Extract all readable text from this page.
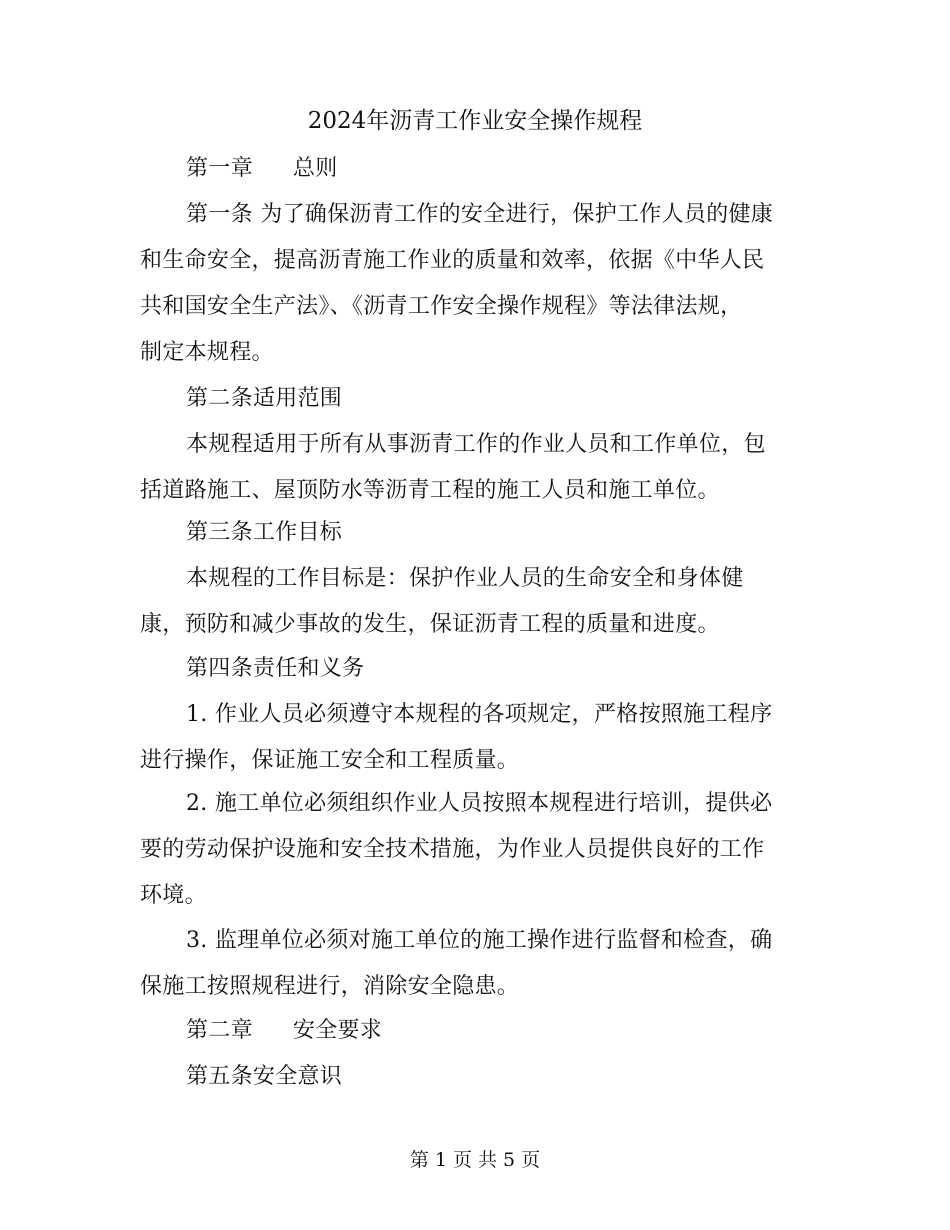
2024年沥青工作业安全操作规程
第一章 总则
第一条 为了确保沥青工作的安全进行，保护工作人员的健康
和生命安全，提高沥青施工作业的质量和效率，依据《中华人民
共和国安全生产法》、《沥青工作安全操作规程》等法律法规，
制定本规程。
第二条适用范围
本规程适用于所有从事沥青工作的作业人员和工作单位，包
括道路施工、屋顶防水等沥青工程的施工人员和施工单位。
第三条工作目标
本规程的工作目标是：保护作业人员的生命安全和身体健
康，预防和减少事故的发生，保证沥青工程的质量和进度。
第四条责任和义务
1. 作业人员必须遵守本规程的各项规定，严格按照施工程序
进行操作，保证施工安全和工程质量。
2. 施工单位必须组织作业人员按照本规程进行培训，提供必
要的劳动保护设施和安全技术措施，为作业人员提供良好的工作
环境。
3. 监理单位必须对施工单位的施工操作进行监督和检查，确
保施工按照规程进行，消除安全隐患。
第二章 安全要求
第五条安全意识
第 1 页 共 5 页
